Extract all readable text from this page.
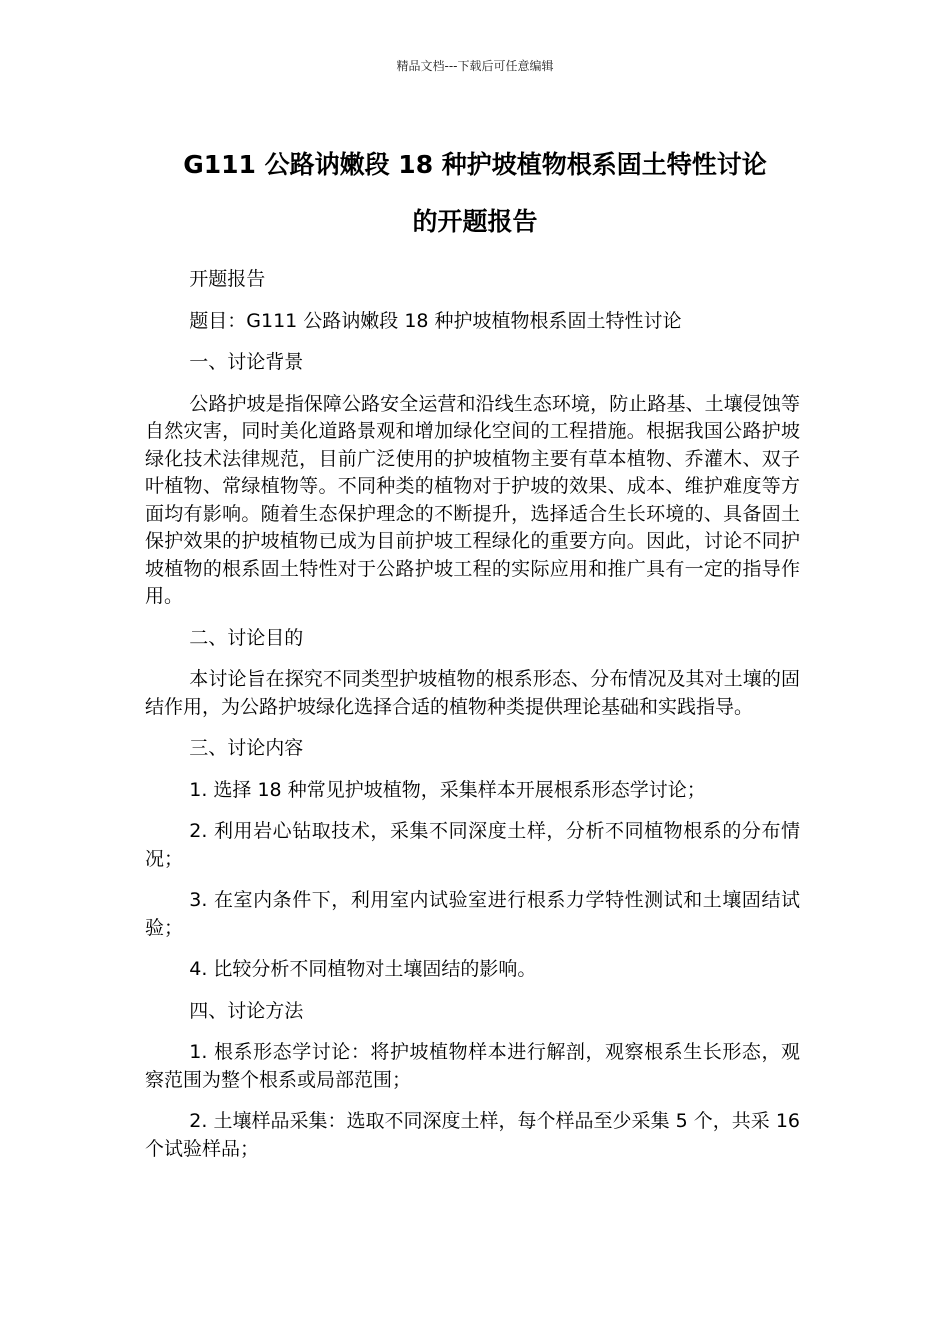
精品文档---下载后可任意编辑
G111 公路讷嫩段 18 种护坡植物根系固土特性讨论
的开题报告

开题报告

题目：G111 公路讷嫩段 18 种护坡植物根系固土特性讨论

一、讨论背景

公路护坡是指保障公路安全运营和沿线生态环境，防止路基、土壤侵蚀等自然灾害，同时美化道路景观和增加绿化空间的工程措施。根据我国公路护坡绿化技术法律规范，目前广泛使用的护坡植物主要有草本植物、乔灌木、双子叶植物、常绿植物等。不同种类的植物对于护坡的效果、成本、维护难度等方面均有影响。随着生态保护理念的不断提升，选择适合生长环境的、具备固土保护效果的护坡植物已成为目前护坡工程绿化的重要方向。因此，讨论不同护坡植物的根系固土特性对于公路护坡工程的实际应用和推广具有一定的指导作用。

二、讨论目的

本讨论旨在探究不同类型护坡植物的根系形态、分布情况及其对土壤的固结作用，为公路护坡绿化选择合适的植物种类提供理论基础和实践指导。

三、讨论内容

1. 选择 18 种常见护坡植物，采集样本开展根系形态学讨论；

2. 利用岩心钻取技术，采集不同深度土样，分析不同植物根系的分布情况；

3. 在室内条件下，利用室内试验室进行根系力学特性测试和土壤固结试验；

4. 比较分析不同植物对土壤固结的影响。

四、讨论方法

1. 根系形态学讨论：将护坡植物样本进行解剖，观察根系生长形态，观察范围为整个根系或局部范围；

2. 土壤样品采集：选取不同深度土样，每个样品至少采集 5 个，共采 16 个试验样品；
